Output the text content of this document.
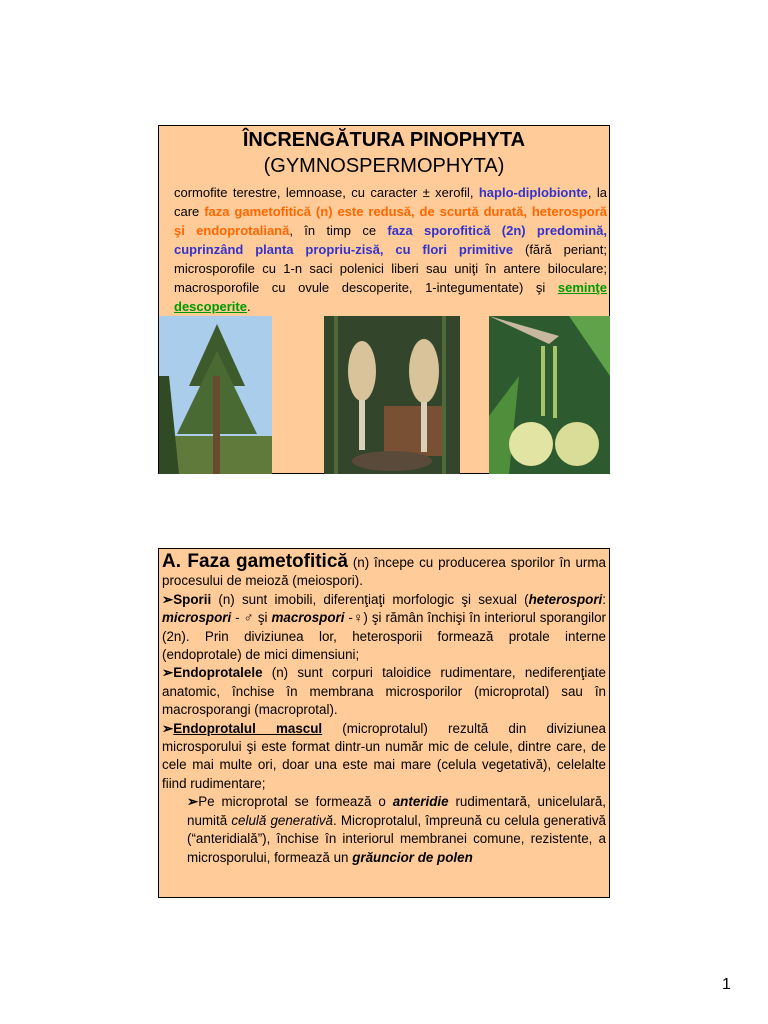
ÎNCRENGĂTURA PINOPHYTA
(GYMNOSPERMOPHYTA)
cormofite terestre, lemnoase, cu caracter ± xerofil, haplo-diplobionte, la care faza gametofitică (n) este redusă, de scurtă durată, heterosporă şi endoprotaliană, în timp ce faza sporofitică (2n) predomină, cuprinzând planta propriu-zisă, cu flori primitive (fără periant; microsporofile cu 1-n saci polenici liberi sau uniţi în antere biloculare; macrosporofile cu ovule descoperite, 1-integumentate) şi seminţe descoperite.

A. Faza gametofitică (n) începe cu producerea sporilor în urma procesului de meioză (meiospori).

➢Sporii (n) sunt imobili, diferenţiaţi morfologic şi sexual (heterospori: microspori - ♂ şi macrospori -♀) şi rămân închişi în interiorul sporangilor (2n). Prin diviziunea lor, heterosporii formează protale interne (endoprotale) de mici dimensiuni;

➢Endoprotalele (n) sunt corpuri taloidice rudimentare, nediferenţiate anatomic, închise în membrana microsporilor (microprotal) sau în macrosporangi (macroprotal).

➢Endoprotalul mascul (microprotalul) rezultă din diviziunea microsporului şi este format dintr-un număr mic de celule, dintre care, de cele mai multe ori, doar una este mai mare (celula vegetativă), celelalte fiind rudimentare;

➢Pe microprotal se formează o anteridie rudimentară, unicelulară, numită celulă generativă. Microprotalul, împreună cu celula generativă (“anteridială”), închise în interiorul membranei comune, rezistente, a microsporului, formează un grăuncior de polen

1
